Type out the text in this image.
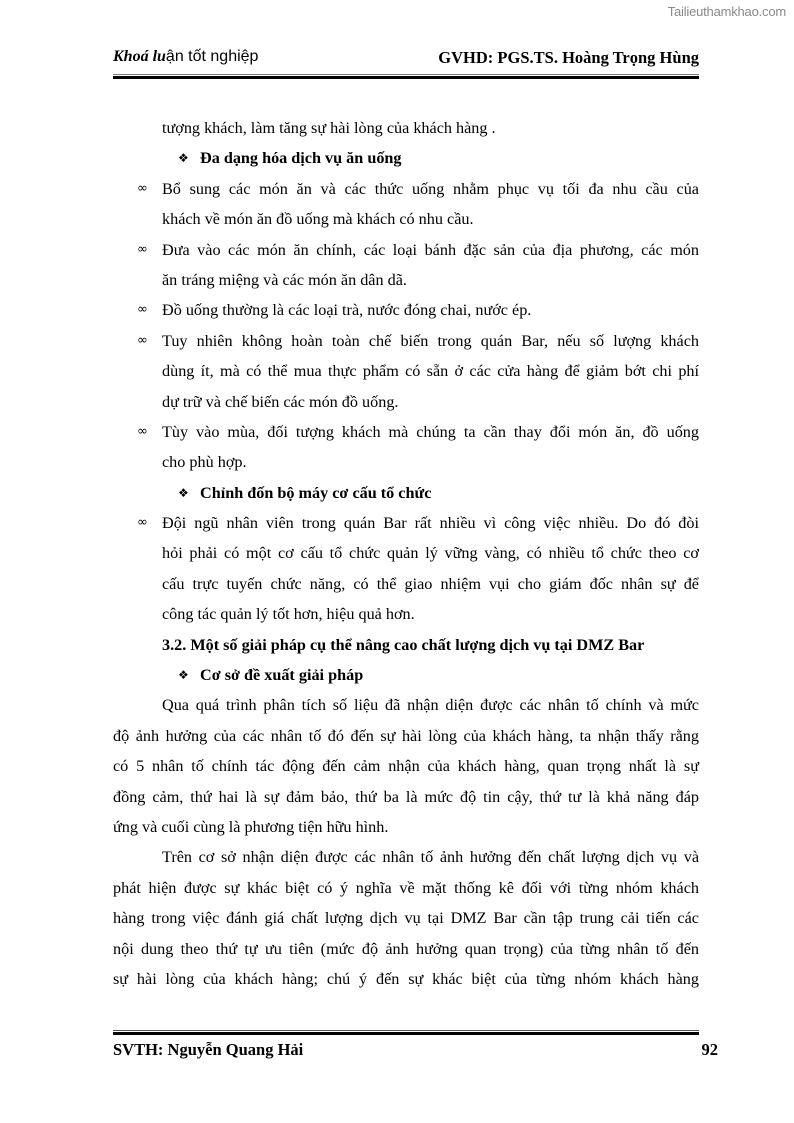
Tailieuthamkhao.com
Khoá luận tốt nghiệp	GVHD: PGS.TS. Hoàng Trọng Hùng
tượng khách, làm tăng sự hài lòng của khách hàng .
❖ Đa dạng hóa dịch vụ ăn uống
∞ Bổ sung các món ăn và các thức uống nhằm phục vụ tối đa nhu cầu của
khách về món ăn đồ uống mà khách có nhu cầu.
∞ Đưa vào các món ăn chính, các loại bánh đặc sản của địa phương, các món
ăn tráng miệng và các món ăn dân dã.
∞ Đồ uống thường là các loại trà, nước đóng chai, nước ép.
∞ Tuy nhiên không hoàn toàn chế biến trong quán Bar, nếu số lượng khách
dùng ít, mà có thể mua thực phẩm có sẵn ở các cửa hàng để giảm bớt chi phí
dự trữ và chế biến các món đồ uống.
∞ Tùy vào mùa, đối tượng khách mà chúng ta cần thay đổi món ăn, đồ uống
cho phù hợp.
❖ Chỉnh đốn bộ máy cơ cấu tổ chức
∞ Đội ngũ nhân viên trong quán Bar rất nhiều vì công việc nhiều. Do đó đòi
hỏi phải có một cơ cấu tổ chức quản lý vững vàng, có nhiều tổ chức theo cơ
cấu trực tuyến chức năng, có thể giao nhiệm vụi cho giám đốc nhân sự để
công tác quản lý tốt hơn, hiệu quả hơn.
3.2. Một số giải pháp cụ thể nâng cao chất lượng dịch vụ tại DMZ Bar
❖ Cơ sở đề xuất giải pháp
Qua quá trình phân tích số liệu đã nhận diện được các nhân tố chính và mức
độ ảnh hưởng của các nhân tố đó đến sự hài lòng của khách hàng, ta nhận thấy rằng
có 5 nhân tố chính tác động đến cảm nhận của khách hàng, quan trọng nhất là sự
đồng cảm, thứ hai là sự đảm bảo, thứ ba là mức độ tin cậy, thứ tư là khả năng đáp
ứng và cuối cùng là phương tiện hữu hình.
Trên cơ sở nhận diện được các nhân tố ảnh hưởng đến chất lượng dịch vụ và
phát hiện được sự khác biệt có ý nghĩa về mặt thống kê đối với từng nhóm khách
hàng trong việc đánh giá chất lượng dịch vụ tại DMZ Bar cần tập trung cải tiến các
nội dung theo thứ tự ưu tiên (mức độ ảnh hưởng quan trọng) của từng nhân tố đến
sự hài lòng của khách hàng; chú ý đến sự khác biệt của từng nhóm khách hàng
SVTH: Nguyễn Quang Hải	92
